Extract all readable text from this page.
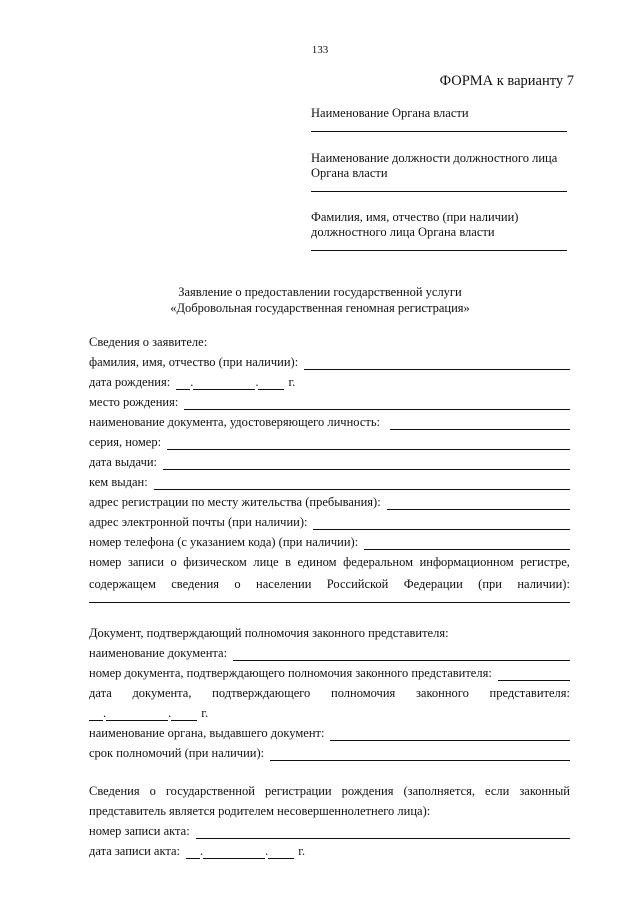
133
ФОРМА к варианту 7
Наименование Органа власти
Наименование должности должностного лица
Органа власти
Фамилия, имя, отчество (при наличии)
должностного лица Органа власти
Заявление о предоставлении государственной услуги
«Добровольная государственная геномная регистрация»
Сведения о заявителе:
фамилия, имя, отчество (при наличии):
дата рождения: .	. г.
место рождения:
наименование документа, удостоверяющего личность:
серия, номер:
дата выдачи:
кем выдан:
адрес регистрации по месту жительства (пребывания):
адрес электронной почты (при наличии):
номер телефона (с указанием кода) (при наличии):
номер записи о физическом лице в едином федеральном информационном регистре,
содержащем сведения о населении Российской Федерации (при наличии):
Документ, подтверждающий полномочия законного представителя:
наименование документа:
номер документа, подтверждающего полномочия законного представителя:
дата документа, подтверждающего полномочия законного представителя:
.	. г.
наименование органа, выдавшего документ:
срок полномочий (при наличии):
Сведения о государственной регистрации рождения (заполняется, если законный
представитель является родителем несовершеннолетнего лица):
номер записи акта:
дата записи акта: .	. г.
